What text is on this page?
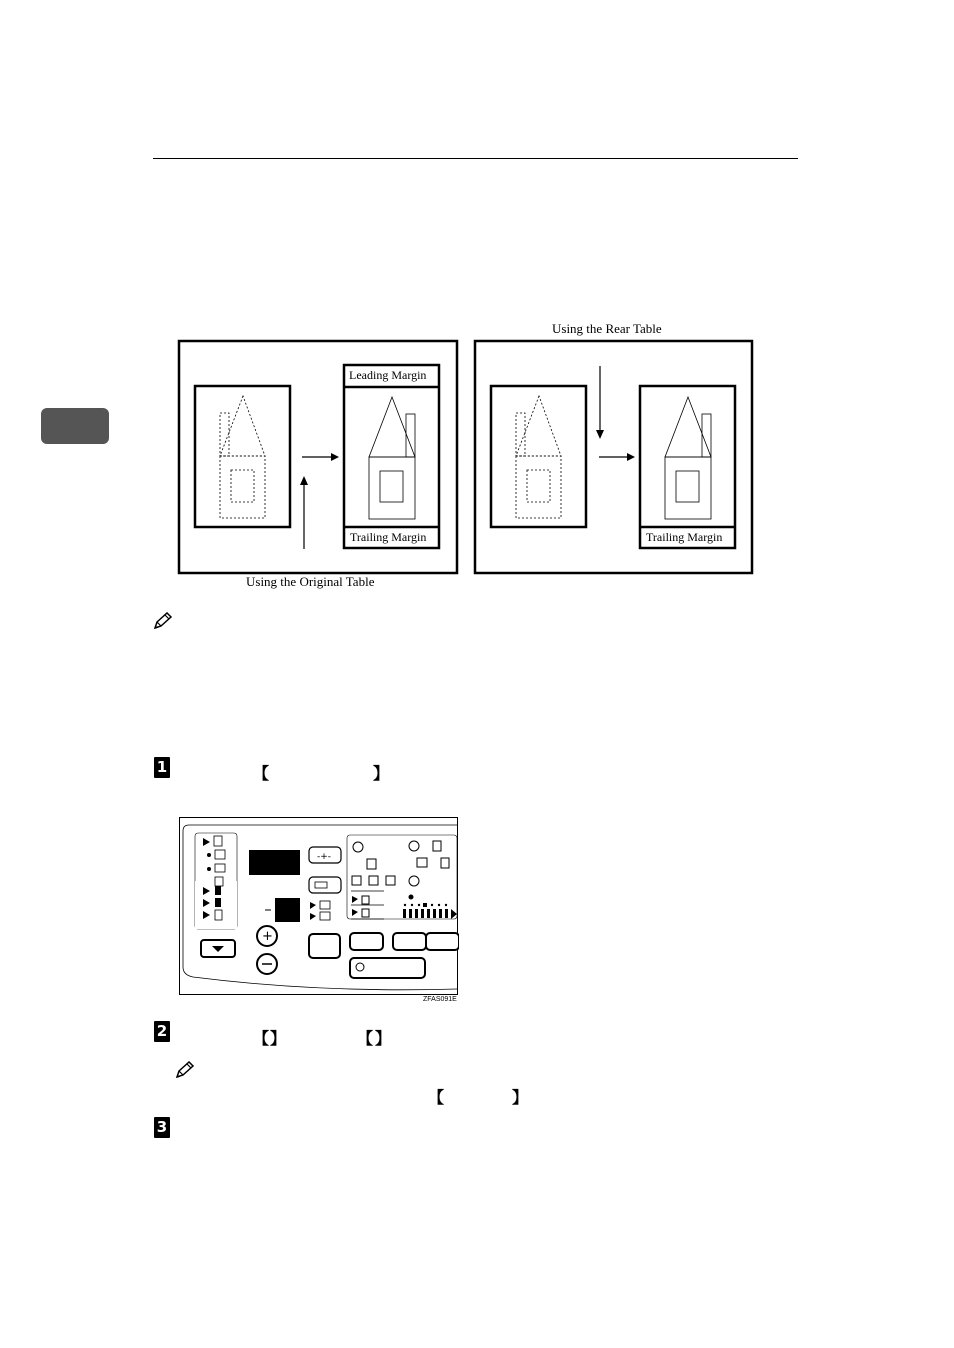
Using the Rear Table
Using the Original Table
Leading Margin
Trailing Margin	Trailing Margin
1	【	】
-+-
+
ZFAS091E
2	【 】	【 】
【	】
3
